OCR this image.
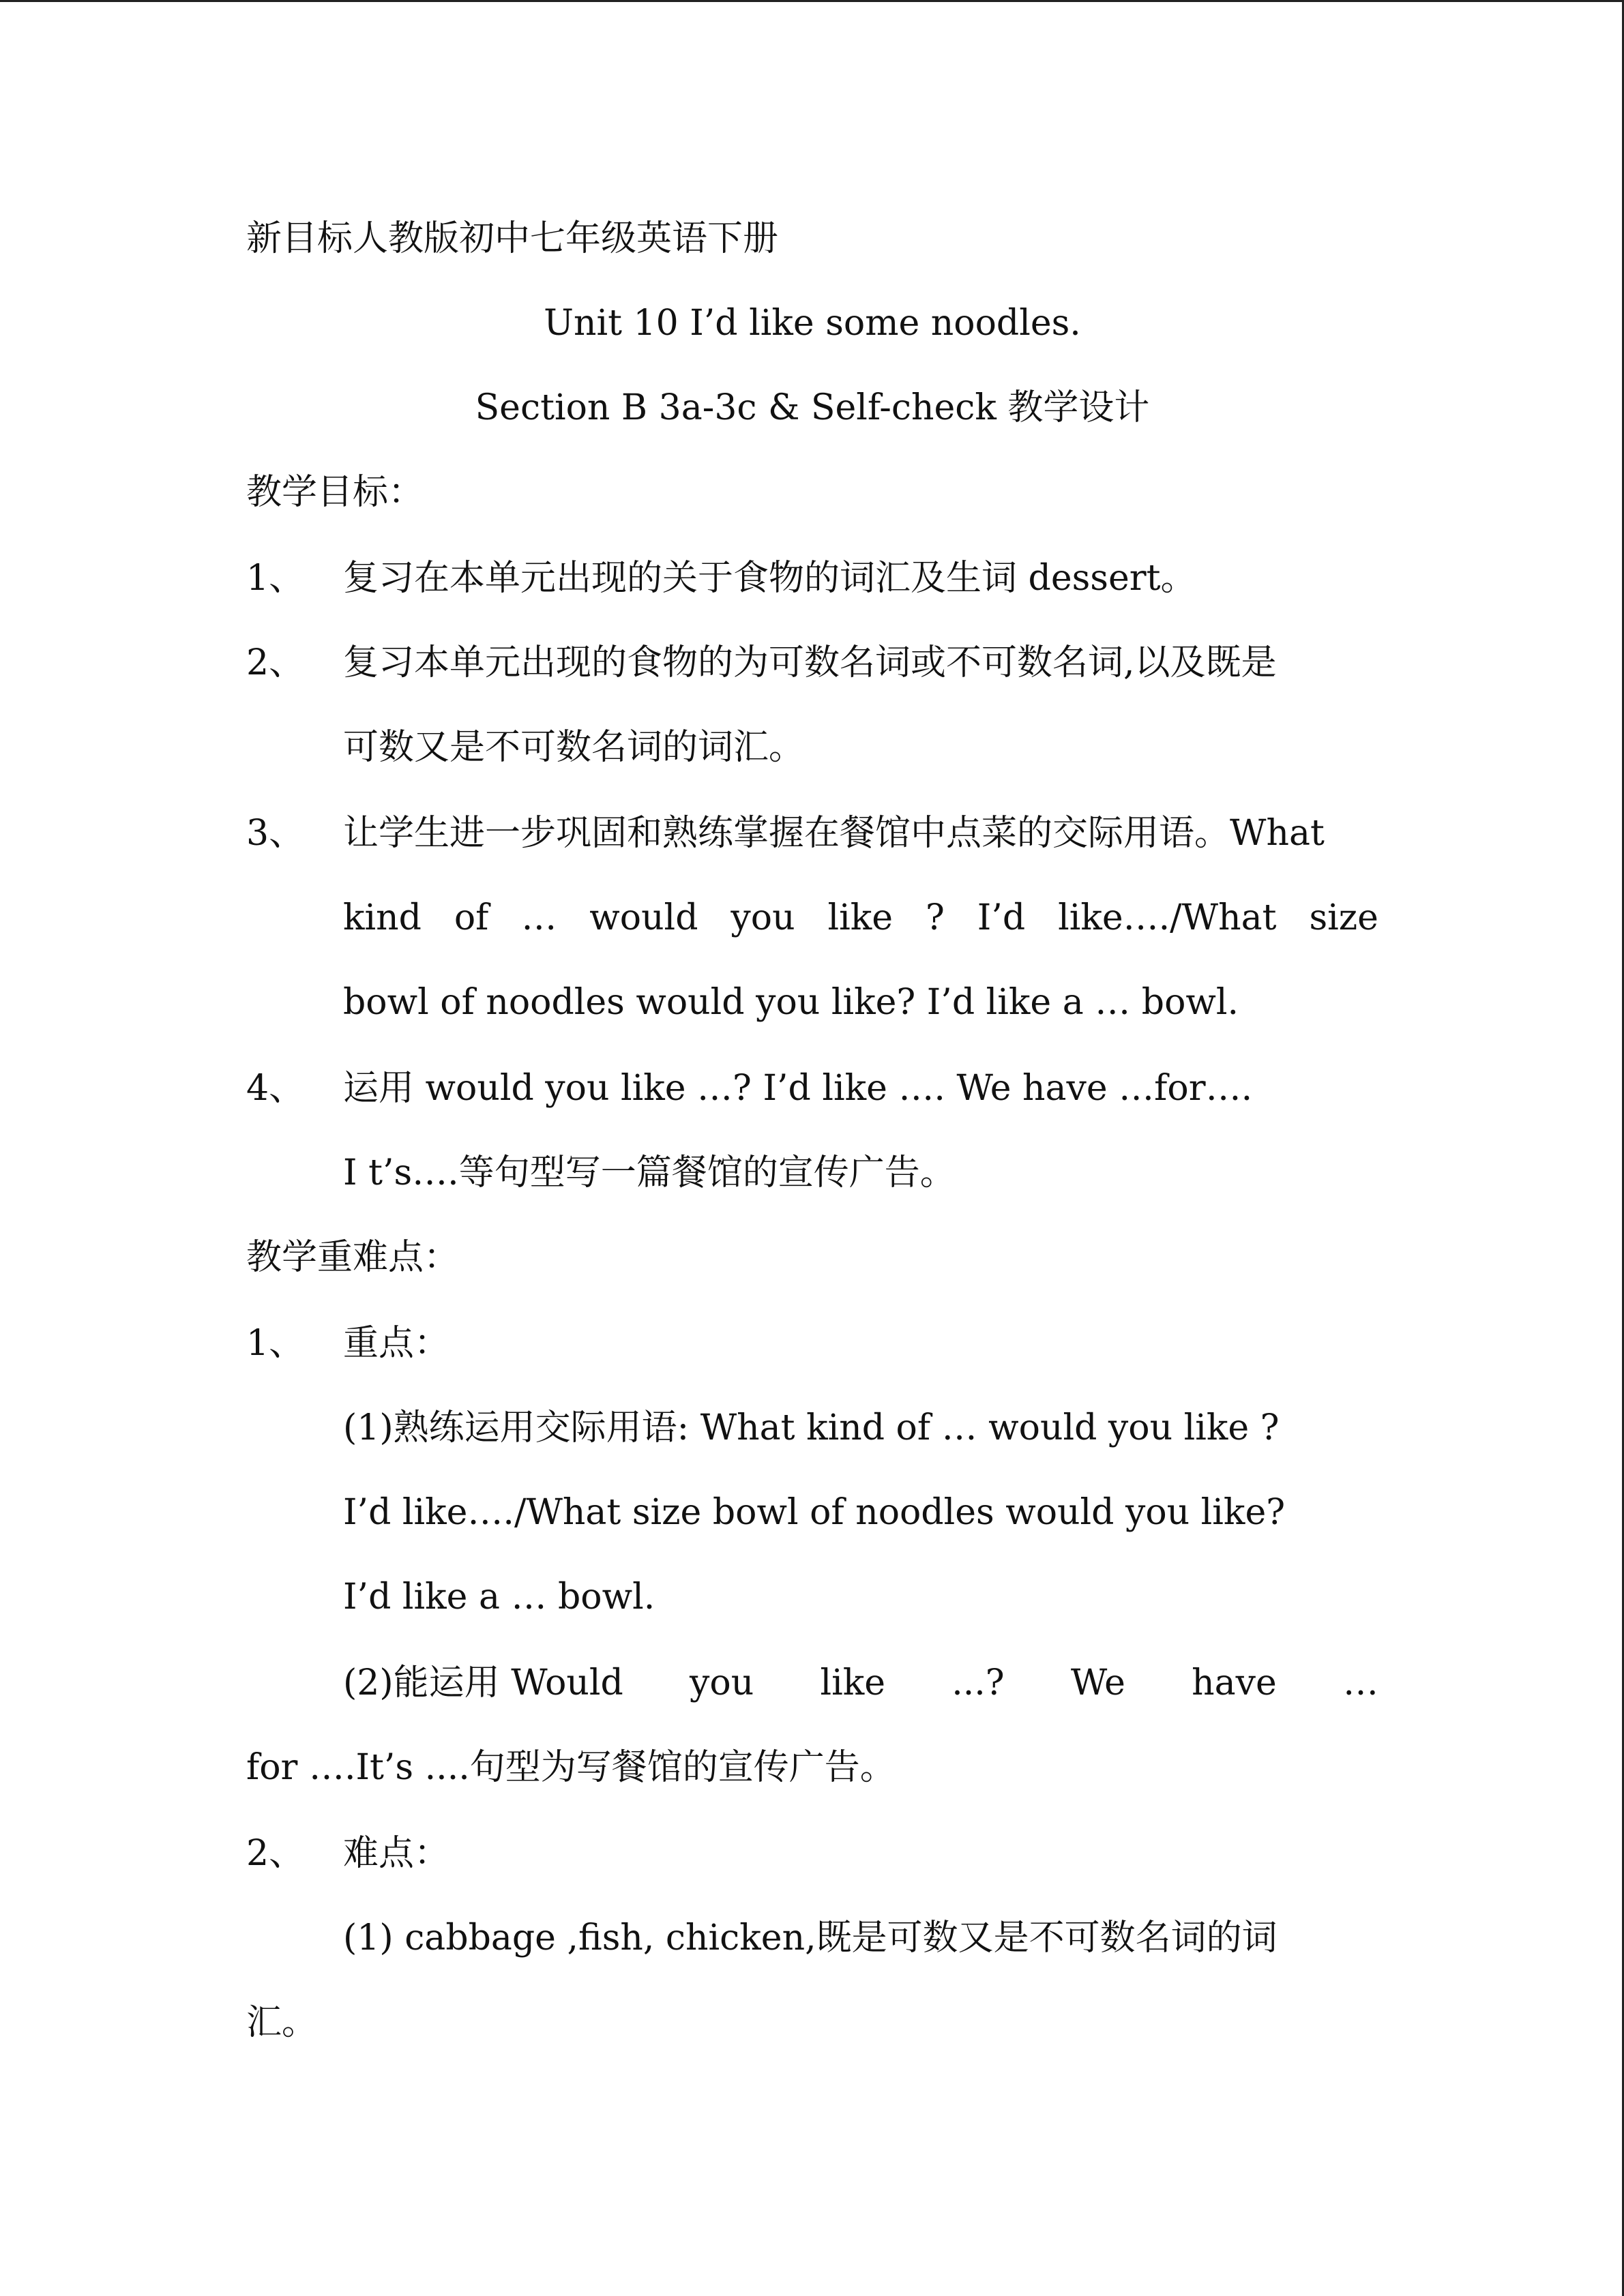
新目标人教版初中七年级英语下册
Unit 10 I’d like some noodles.
Section B 3a-3c & Self-check 教学设计
教学目标：
1、 复习在本单元出现的关于食物的词汇及生词 dessert。
2、 复习本单元出现的食物的为可数名词或不可数名词,以及既是
可数又是不可数名词的词汇。
3、 让学生进一步巩固和熟练掌握在餐馆中点菜的交际用语。What
kind of … would you like ? I’d like…./What size
bowl of noodles would you like? I’d like a … bowl.
4、 运用 would you like …? I’d like …. We have …for….
I t’s….等句型写一篇餐馆的宣传广告。
教学重难点：
1、 重点：
(1)熟练运用交际用语: What kind of … would you like ?
I’d like…./What size bowl of noodles would you like?
I’d like a … bowl.
(2)能运用 Would you like ...? We have …
for ….It’s ....句型为写餐馆的宣传广告。
2、 难点：
(1) cabbage ,fish, chicken,既是可数又是不可数名词的词
汇。
